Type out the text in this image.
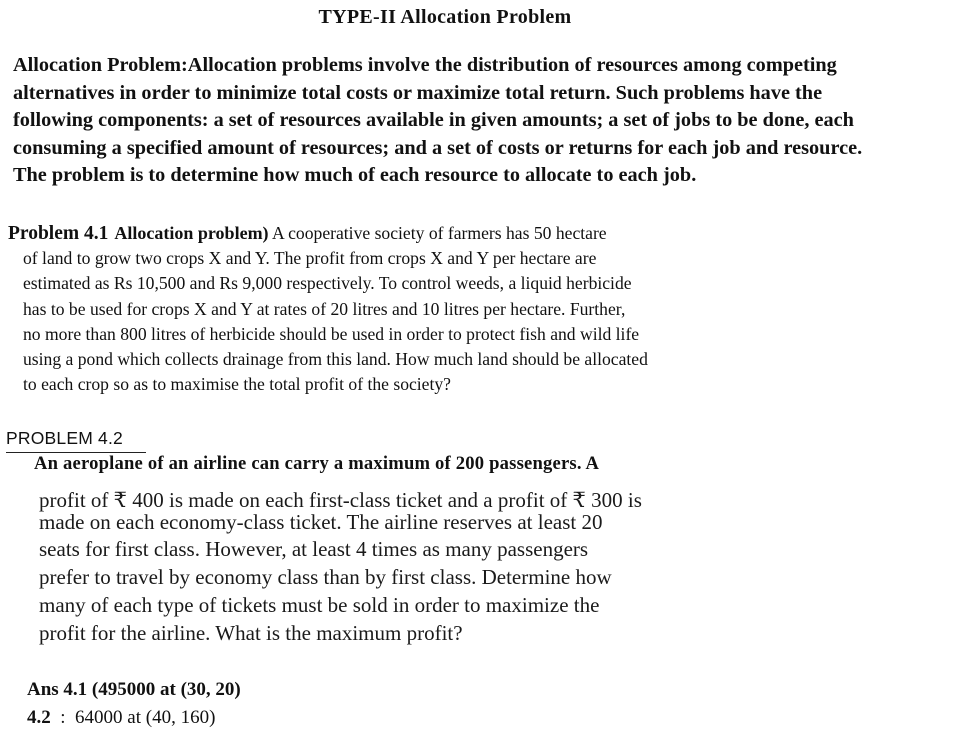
TYPE-II Allocation Problem
Allocation Problem:Allocation problems involve the distribution of resources among competing
alternatives in order to minimize total costs or maximize total return. Such problems have the
following components: a set of resources available in given amounts; a set of jobs to be done, each
consuming a specified amount of resources; and a set of costs or returns for each job and resource.
The problem is to determine how much of each resource to allocate to each job.
Problem 4.1 Allocation problem) A cooperative society of farmers has 50 hectare
of land to grow two crops X and Y. The profit from crops X and Y per hectare are
estimated as Rs 10,500 and Rs 9,000 respectively. To control weeds, a liquid herbicide
has to be used for crops X and Y at rates of 20 litres and 10 litres per hectare. Further,
no more than 800 litres of herbicide should be used in order to protect fish and wild life
using a pond which collects drainage from this land. How much land should be allocated
to each crop so as to maximise the total profit of the society?
PROBLEM 4.2
An aeroplane of an airline can carry a maximum of 200 passengers. A
profit of ₹ 400 is made on each first-class ticket and a profit of ₹ 300 is
made on each economy-class ticket. The airline reserves at least 20
seats for first class. However, at least 4 times as many passengers
prefer to travel by economy class than by first class. Determine how
many of each type of tickets must be sold in order to maximize the
profit for the airline. What is the maximum profit?
Ans 4.1 (495000 at (30, 20)
4.2  :  64000 at (40, 160)
